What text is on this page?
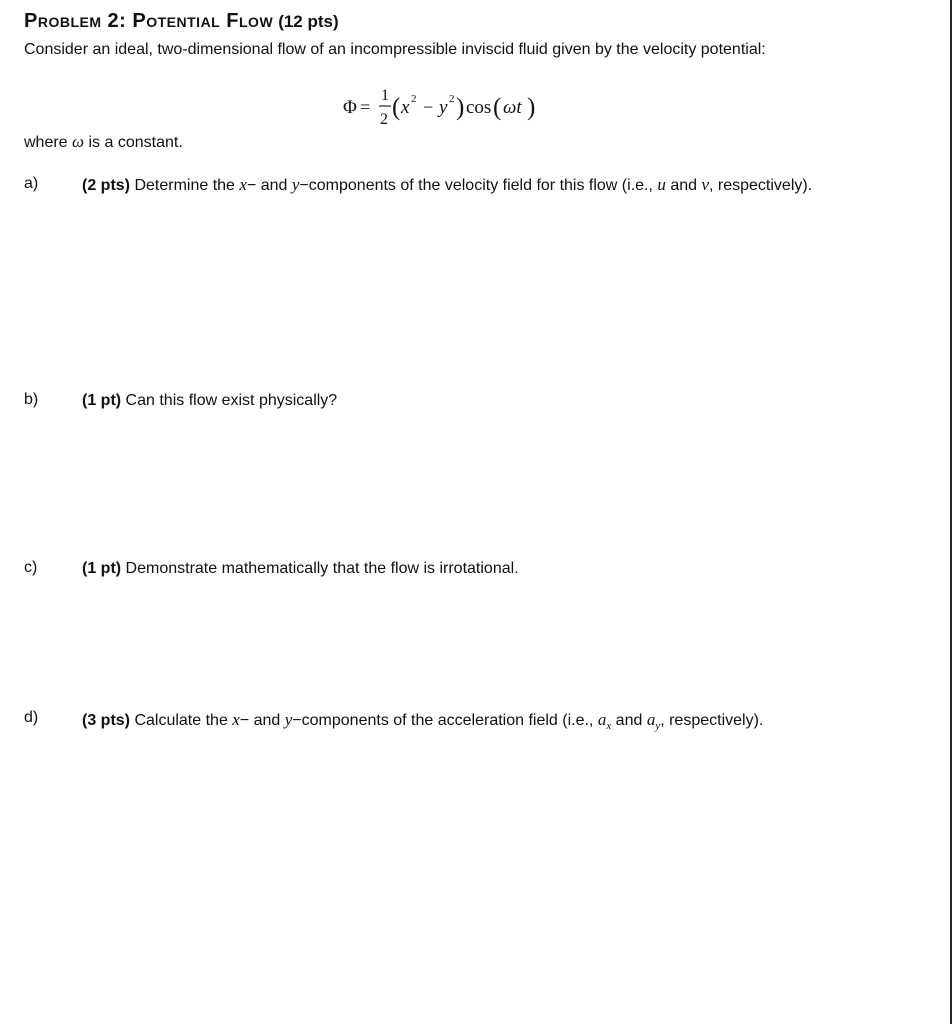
Problem 2: Potential Flow (12 pts)
Consider an ideal, two-dimensional flow of an incompressible inviscid fluid given by the velocity potential:
Φ =
1
2 ( x 2 − y 2 ) cos ( ωt )
where ω is a constant.
a)	(2 pts) Determine the x− and y−components of the velocity field for this flow (i.e., u and v, respectively).
b)	(1 pt) Can this flow exist physically?
c)	(1 pt) Demonstrate mathematically that the flow is irrotational.
d)	(3 pts) Calculate the x− and y−components of the acceleration field (i.e., $a_x$ and $a_y$, respectively).
